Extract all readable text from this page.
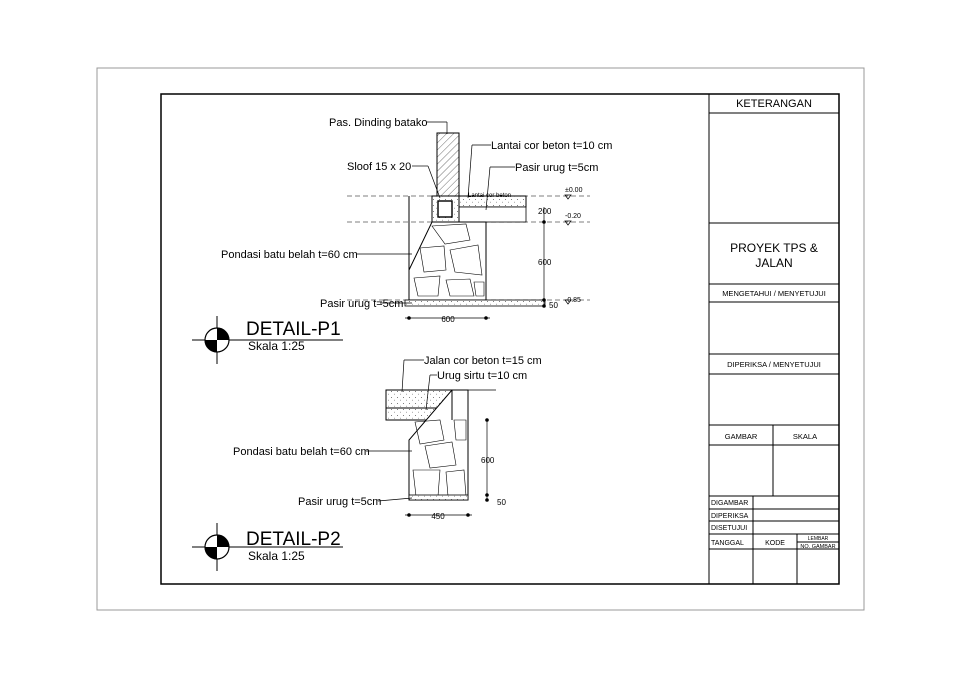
KETERANGAN
PROYEK TPS &
JALAN
MENGETAHUI / MENYETUJUI
DIPERIKSA / MENYETUJUI
GAMBAR	SKALA
DIGAMBAR
DIPERIKSA
DISETUJUI
TANGGAL	KODE
LEMBAR
NO. GAMBAR
Pas. Dinding batako
Lantai cor beton t=10 cm
Sloof 15 x 20	Pasir urug t=5cm
Lantai cor beton
Pondasi batu belah t=60 cm
Pasir urug t=5cm
±0.00
-0.20
-0.85
200
600
50
600
DETAIL-P1
Skala 1:25
Jalan cor beton t=15 cm
Urug sirtu t=10 cm
Pondasi batu belah t=60 cm
Pasir urug t=5cm
600
50
450
DETAIL-P2
Skala 1:25
